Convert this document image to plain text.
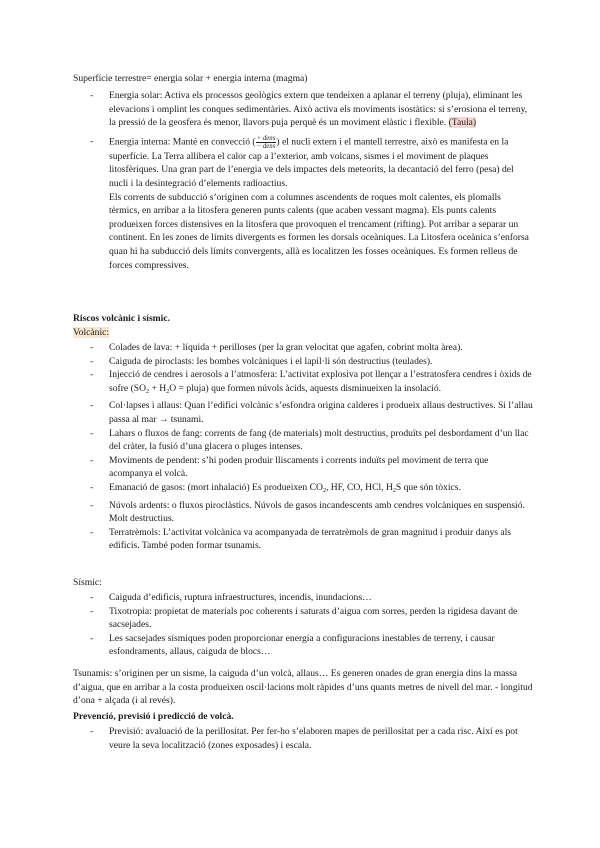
Superfície terrestre= energia solar + energia interna (magma)

- Energia solar: Activa els processos geològics extern que tendeixen a aplanar el terreny (pluja), eliminant les elevacions i omplint les conques sedimentàries. Això activa els moviments isostàtics: si s’erosiona el terreny, la pressió de la geosfera és menor, llavors puja perquè és un moviment elàstic i flexible. (Taula)
- Energia interna: Manté en convecció ( $\frac{\text{+ dens}}{\text{− dens}}$ ) el nucli extern i el mantell terrestre, això es manifesta en la superfície. La Terra allibera el calor cap a l’exterior, amb volcans, sismes i el moviment de plaques litosfèriques. Una gran part de l’energia ve dels impactes dels meteorits, la decantació del ferro (pesa) del nucli i la desintegració d’elements radioactius.
Els corrents de subducció s’originen com a columnes ascendents de roques molt calentes, els plomalls tèrmics, en arribar a la litosfera generen punts calents (que acaben vessant magma). Els punts calents produeixen forces distensives en la litosfera que provoquen el trencament (rifting). Pot arribar a separar un continent. En les zones de límits divergents es formen les dorsals oceàniques. La Litosfera oceànica s’enforsa quan hi ha subducció dels límits convergents, allà es localitzen les fosses oceàniques. Es formen relleus de forces compressives.

Riscos volcànic i sísmic.

Volcànic:

- Colades de lava: + líquida + perilloses (per la gran velocitat que agafen, cobrint molta àrea).
- Caiguda de piroclasts: les bombes volcàniques i el lapil·li són destructius (teulades).
- Injecció de cendres i aerosols a l’atmosfera: L’activitat explosiva pot llençar a l’estratosfera cendres i òxids de sofre ($SO_2 + H_2O$ = pluja) que formen núvols àcids, aquests disminueixen la insolació.
- Col·lapses i allaus: Quan l’edifici volcànic s’esfondra origina calderes i produeix allaus destructives. Si l’allau passa al mar → tsunami.
- Lahars o fluxos de fang: corrents de fang (de materials) molt destructius, produïts pel desbordament d’un llac del cràter, la fusió d’una glacera o pluges intenses.
- Moviments de pendent: s’hi poden produir lliscaments i corrents induïts pel moviment de terra que acompanya el volcà.
- Emanació de gasos: (mort inhalació) Es produeixen $CO_2$, HF, CO, HCl, $H_2S$ que són tòxics.
- Núvols ardents: o fluxos piroclàstics. Núvols de gasos incandescents amb cendres volcàniques en suspensió. Molt destructius.
- Terratrèmols: L’activitat volcànica va acompanyada de terratrèmols de gran magnitud i produir danys als edificis. També poden formar tsunamis.

Sísmic:

- Caiguda d’edificis, ruptura infraestructures, incendis, inundacions…
- Tixotropia: propietat de materials poc coherents i saturats d’aigua com sorres, perden la rigidesa davant de sacsejades.
- Les sacsejades sísmiques poden proporcionar energia a configuracions inestables de terreny, i causar esfondraments, allaus, caiguda de blocs…

Tsunamis: s’originen per un sisme, la caiguda d’un volcà, allaus… Es generen onades de gran energia dins la massa d’aigua, que en arribar a la costa produeixen oscil·lacions molt ràpides d’uns quants metres de nivell del mar. - longitud d’ona + alçada (i al revés).

Prevenció, previsió i predicció de volcà.

- Previsió: avaluació de la perillositat. Per fer-ho s’elaboren mapes de perillositat per a cada risc. Així es pot veure la seva localització (zones exposades) i escala.
